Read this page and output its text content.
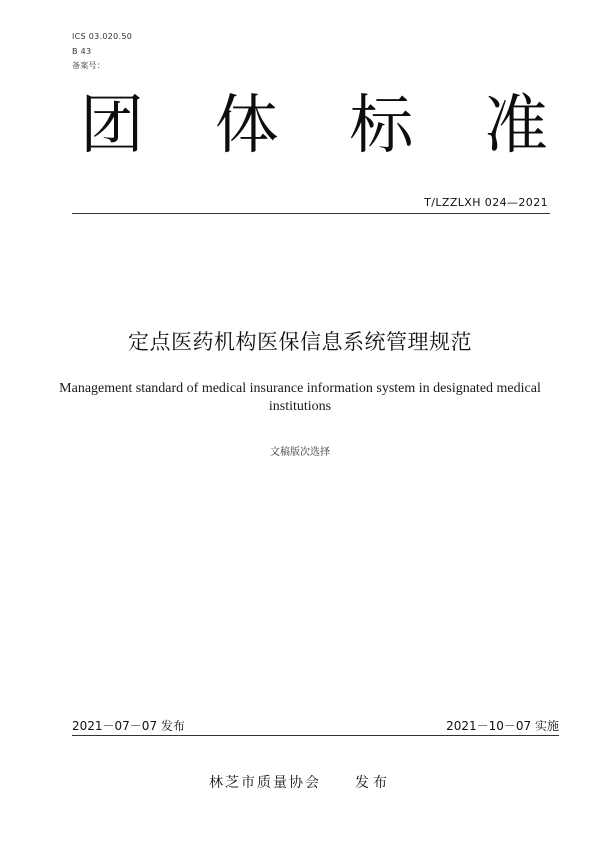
ICS 03.020.50
B 43
备案号：
团 体 标 准
T/LZZLXH 024—2021
定点医药机构医保信息系统管理规范
Management standard of medical insurance information system in designated medical institutions
文稿版次选择
2021－07－07 发布	2021－10－07 实施
林芝市质量协会 发布
